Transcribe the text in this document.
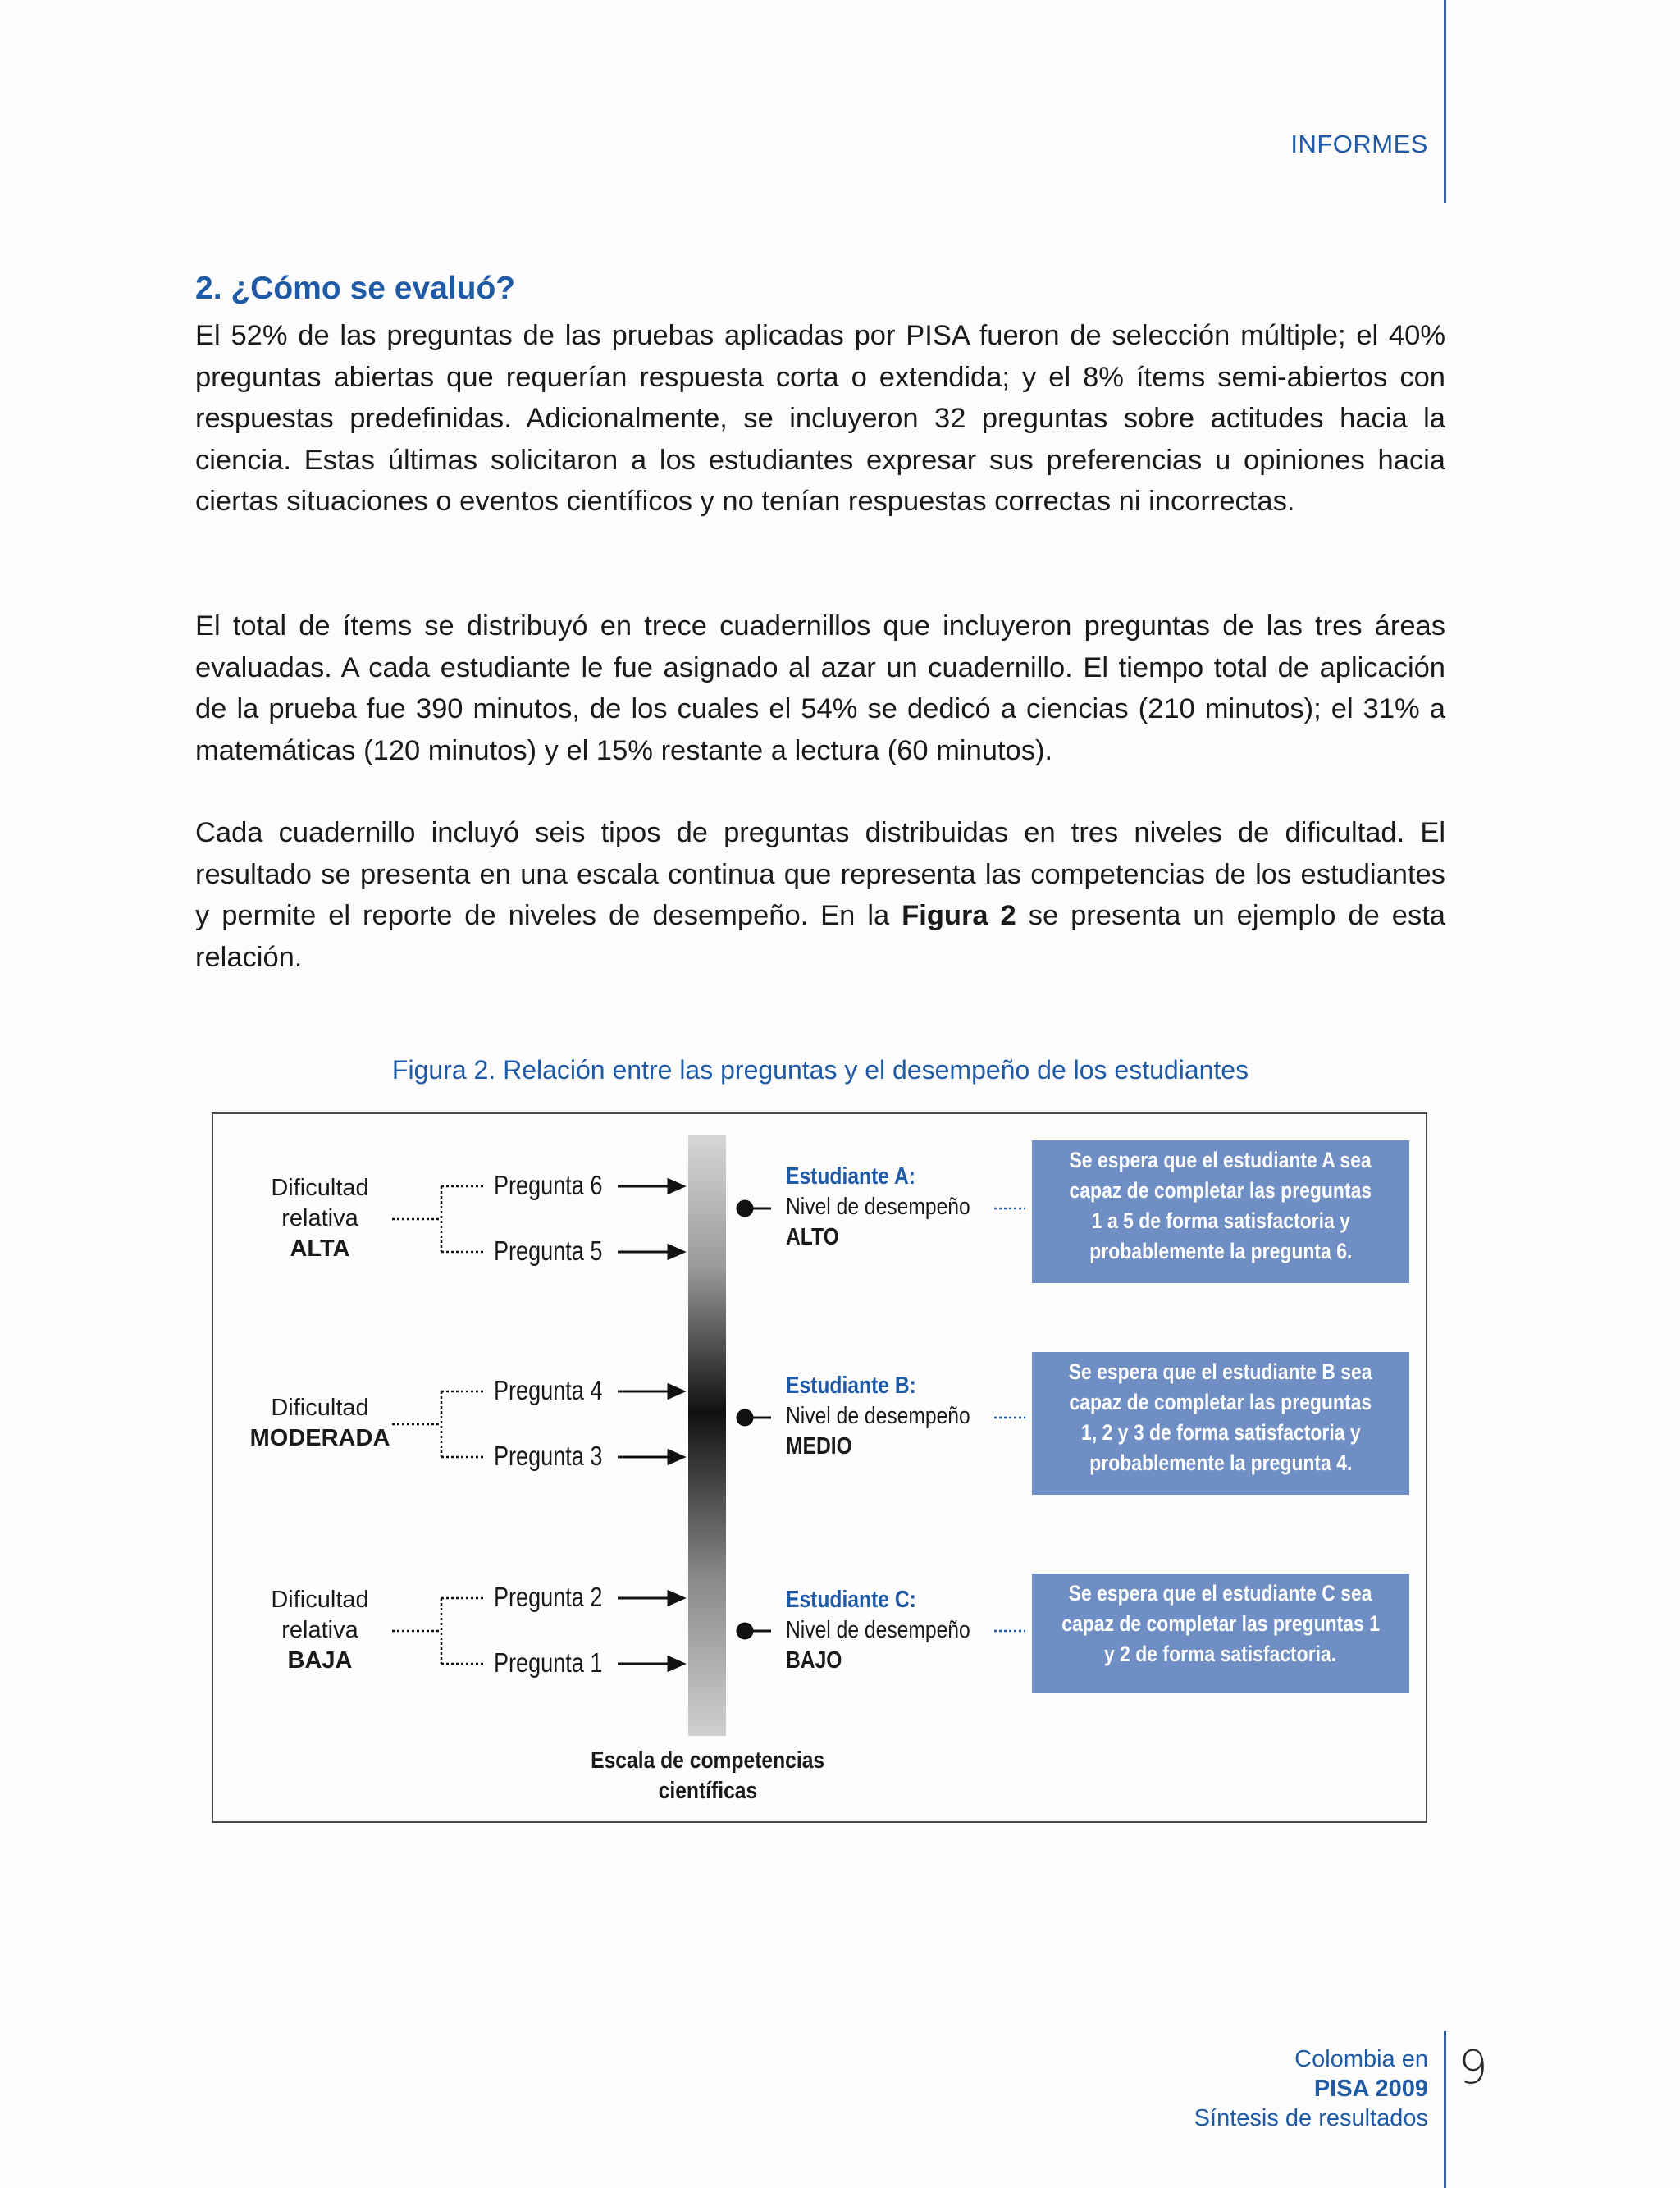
INFORMES
2. ¿Cómo se evaluó?
El 52% de las preguntas de las pruebas aplicadas por PISA fueron de selección múltiple; el 40% preguntas abiertas que requerían respuesta corta o extendida; y el 8% ítems semi-abiertos con respuestas predefinidas. Adicionalmente, se incluyeron 32 preguntas sobre actitudes hacia la ciencia. Estas últimas solicitaron a los estudiantes expresar sus preferencias u opiniones hacia ciertas situaciones o eventos científicos y no tenían respuestas correctas ni incorrectas.
El total de ítems se distribuyó en trece cuadernillos que incluyeron preguntas de las tres áreas evaluadas. A cada estudiante le fue asignado al azar un cuadernillo. El tiempo total de aplicación de la prueba fue 390 minutos, de los cuales el 54% se dedicó a ciencias (210 minutos); el 31% a matemáticas (120 minutos) y el 15% restante a lectura (60 minutos).
Cada cuadernillo incluyó seis tipos de preguntas distribuidas en tres niveles de dificultad. El resultado se presenta en una escala continua que representa las competencias de los estudiantes y permite el reporte de niveles de desempeño. En la Figura 2 se presenta un ejemplo de esta relación.
Figura 2. Relación entre las preguntas y el desempeño de los estudiantes
Dificultad
relativa
ALTA
Dificultad
MODERADA
Dificultad
relativa
BAJA
Pregunta 6
Pregunta 5
Pregunta 4
Pregunta 3
Pregunta 2
Pregunta 1
Escala de competencias
científicas
Estudiante A:
Nivel de desempeño
ALTO
Estudiante B:
Nivel de desempeño
MEDIO
Estudiante C:
Nivel de desempeño
BAJO
Se espera que el estudiante A sea
capaz de completar las preguntas
1 a 5 de forma satisfactoria y
probablemente la pregunta 6.
Se espera que el estudiante B sea
capaz de completar las preguntas
1, 2 y 3 de forma satisfactoria y
probablemente la pregunta 4.
Se espera que el estudiante C sea
capaz de completar las preguntas 1
y 2 de forma satisfactoria.
Colombia en
PISA 2009
Síntesis de resultados
9
